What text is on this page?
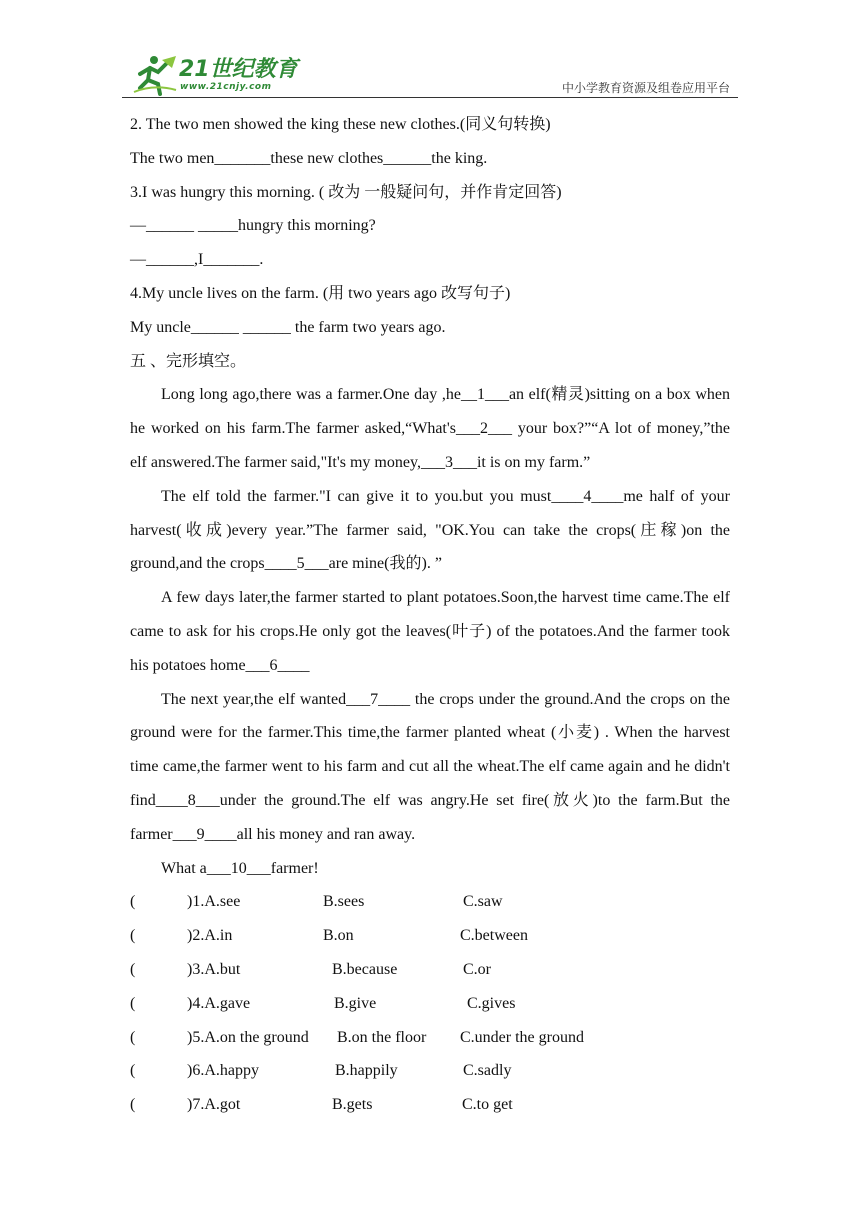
21世纪教育
www.21cnjy.com	中小学教育资源及组卷应用平台
2. The two men showed the king these new clothes.(同义句转换)
The two men_______these new clothes______the king.
3.I was hungry this morning. ( 改为 一般疑问句，并作肯定回答)
—______ _____hungry this morning?
—______,I_______.
4.My uncle lives on the farm. (用 two years ago 改写句子)
My uncle______ ______ the farm two years ago.
五 、完形填空。

Long long ago,there was a farmer.One day ,he__1___an elf(精灵)sitting on a box when he worked on his farm.The farmer asked,“What's___2___ your box?”“A lot of money,”the elf answered.The farmer said,"It's my money,___3___it is on my farm.”

The elf told the farmer."I can give it to you.but you must____4____me half of your harvest(收成)every year.”The farmer said, "OK.You can take the crops(庄稼)on the ground,and the crops____5___are mine(我的). ”

A few days later,the farmer started to plant potatoes.Soon,the harvest time came.The elf came to ask for his crops.He only got the leaves(叶子) of the potatoes.And the farmer took his potatoes home___6____

The next year,the elf wanted___7____ the crops under the ground.And the crops on the ground were for the farmer.This time,the farmer planted wheat (小麦) . When the harvest time came,the farmer went to his farm and cut all the wheat.The elf came again and he didn't find____8___under the ground.The elf was angry.He set fire(放火)to the farm.But the farmer___9____all his money and ran away.

What a___10___farmer!

(	)1.A.see	B.sees	C.saw
(	)2.A.in	B.on	C.between
(	)3.A.but	B.because	C.or
(	)4.A.gave	B.give	C.gives
(	)5.A.on the ground B.on the floor C.under the ground
(	)6.A.happy	B.happily	C.sadly
(	)7.A.got	B.gets	C.to get
